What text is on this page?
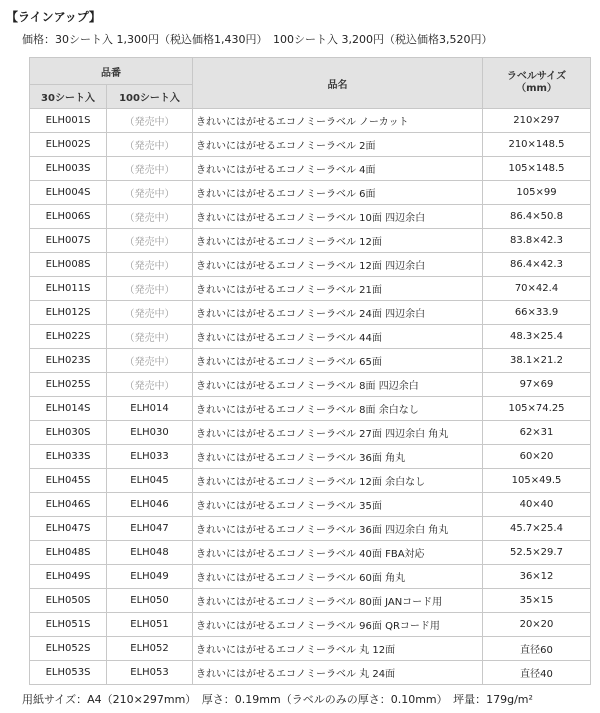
【ラインアップ】
価格：30シート入 1,300円（税込価格1,430円）　100シート入 3,200円（税込価格3,520円）
品番		品名	ラベルサイズ
（mm）
30シート入	100シート入		
ELH001S	（発売中）	きれいにはがせるエコノミーラベル ノーカット	210×297
ELH002S	（発売中）	きれいにはがせるエコノミーラベル 2面	210×148.5
ELH003S	（発売中）	きれいにはがせるエコノミーラベル 4面	105×148.5
ELH004S	（発売中）	きれいにはがせるエコノミーラベル 6面	105×99
ELH006S	（発売中）	きれいにはがせるエコノミーラベル 10面 四辺余白	86.4×50.8
ELH007S	（発売中）	きれいにはがせるエコノミーラベル 12面	83.8×42.3
ELH008S	（発売中）	きれいにはがせるエコノミーラベル 12面 四辺余白	86.4×42.3
ELH011S	（発売中）	きれいにはがせるエコノミーラベル 21面	70×42.4
ELH012S	（発売中）	きれいにはがせるエコノミーラベル 24面 四辺余白	66×33.9
ELH022S	（発売中）	きれいにはがせるエコノミーラベル 44面	48.3×25.4
ELH023S	（発売中）	きれいにはがせるエコノミーラベル 65面	38.1×21.2
ELH025S	（発売中）	きれいにはがせるエコノミーラベル 8面 四辺余白	97×69
ELH014S	ELH014	きれいにはがせるエコノミーラベル 8面 余白なし	105×74.25
ELH030S	ELH030	きれいにはがせるエコノミーラベル 27面 四辺余白 角丸	62×31
ELH033S	ELH033	きれいにはがせるエコノミーラベル 36面 角丸	60×20
ELH045S	ELH045	きれいにはがせるエコノミーラベル 12面 余白なし	105×49.5
ELH046S	ELH046	きれいにはがせるエコノミーラベル 35面	40×40
ELH047S	ELH047	きれいにはがせるエコノミーラベル 36面 四辺余白 角丸	45.7×25.4
ELH048S	ELH048	きれいにはがせるエコノミーラベル 40面 FBA対応	52.5×29.7
ELH049S	ELH049	きれいにはがせるエコノミーラベル 60面 角丸	36×12
ELH050S	ELH050	きれいにはがせるエコノミーラベル 80面 JANコード用	35×15
ELH051S	ELH051	きれいにはがせるエコノミーラベル 96面 QRコード用	20×20
ELH052S	ELH052	きれいにはがせるエコノミーラベル 丸 12面	直径60
ELH053S	ELH053	きれいにはがせるエコノミーラベル 丸 24面	直径40
用紙サイズ：A4（210×297mm）　厚さ：0.19mm（ラベルのみの厚さ：0.10mm）　坪量：179g/m²
